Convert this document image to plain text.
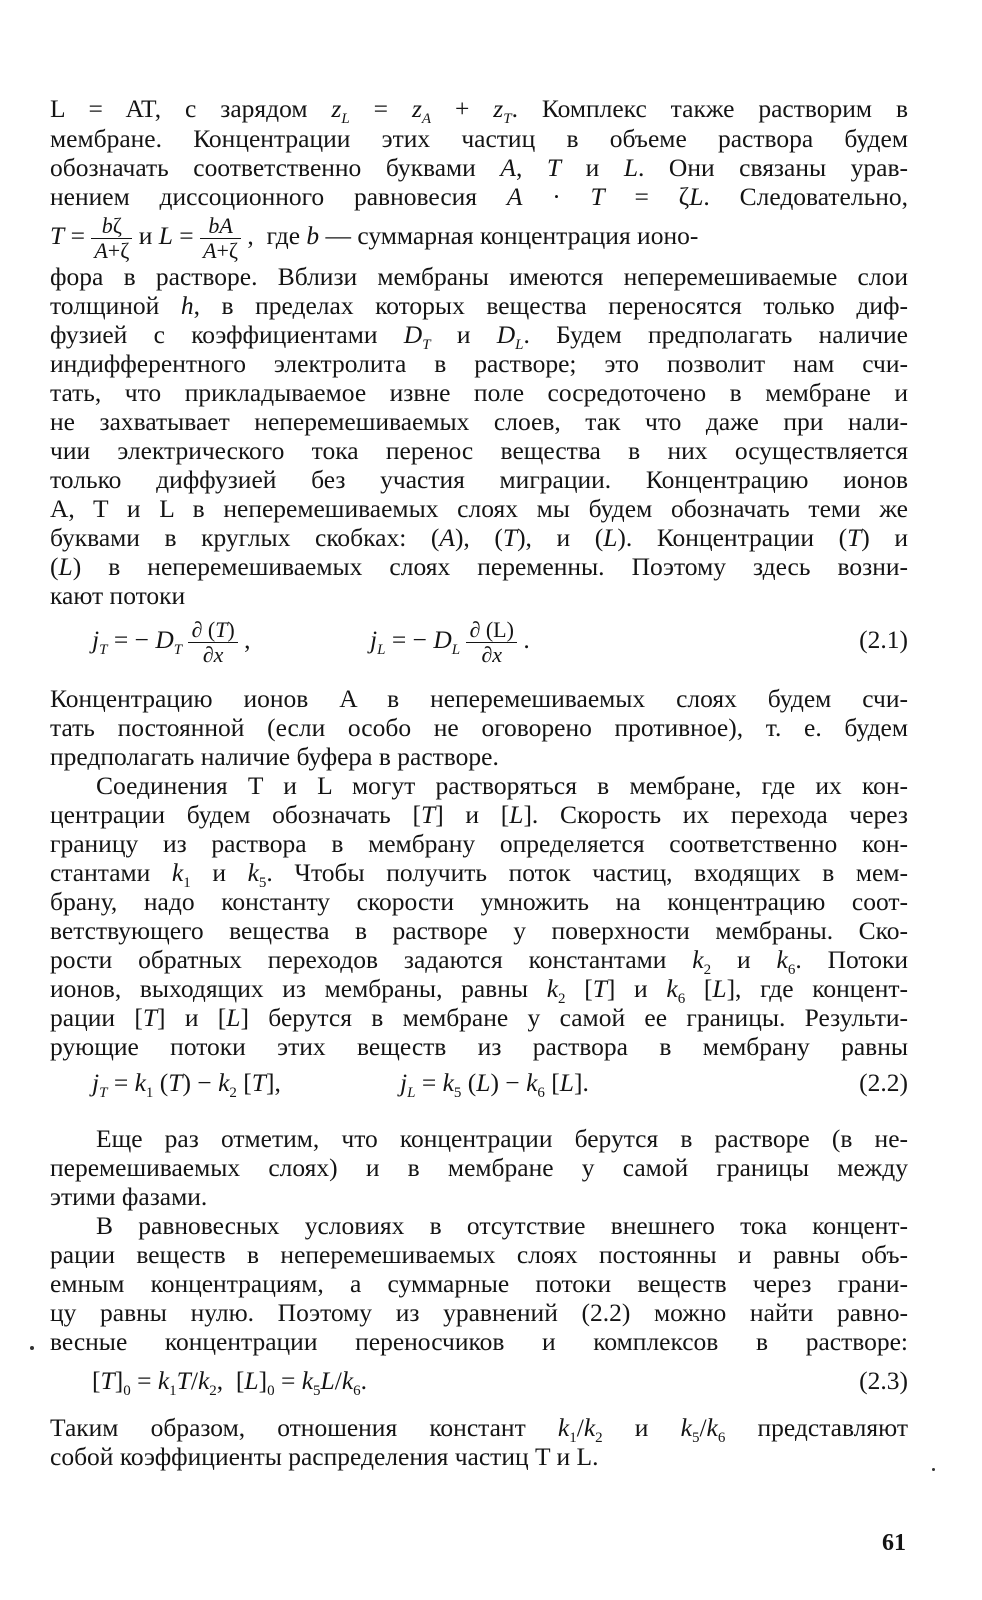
L = AT, с зарядом $z_L = z_A + z_T$. Комплекс также растворим в
мембране. Концентрации этих частиц в объеме раствора будем
обозначать соответственно буквами A, T и L. Они связаны урав-
нением диссоционного равновесия A · T = ζL. Следовательно,
$T = \frac{b\zeta}{A+\zeta}$ и $L = \frac{bA}{A+\zeta}$ ,  где b — суммарная концентрация ионо-
фора в растворе. Вблизи мембраны имеются неперемешиваемые слои
толщиной h, в пределах которых вещества переносятся только диф-
фузией с коэффициентами $D_T$ и $D_L$. Будем предполагать наличие
индифферентного электролита в растворе; это позволит нам счи-
тать, что прикладываемое извне поле сосредоточено в мембране и
не захватывает неперемешиваемых слоев, так что даже при нали-
чии электрического тока перенос вещества в них осуществляется
только диффузией без участия миграции. Концентрацию ионов
A, T и L в неперемешиваемых слоях мы будем обозначать теми же
буквами в круглых скобках: (A), (T), и (L). Концентрации (T) и
(L) в неперемешиваемых слоях переменны. Поэтому здесь возни-
кают потоки
$j_T$ = − $D_T \frac{\partial (T)}{\partial x}$ ,	$j_L$ = − $D_L \frac{\partial (L)}{\partial x}$ .	(2.1)
Концентрацию ионов A в неперемешиваемых слоях будем счи-
тать постоянной (если особо не оговорено противное), т. е. будем
предполагать наличие буфера в растворе.
Соединения T и L могут растворяться в мембране, где их кон-
центрации будем обозначать [T] и [L]. Скорость их перехода через
границу из раствора в мембрану определяется соответственно кон-
стантами $k_1$ и $k_5$. Чтобы получить поток частиц, входящих в мем-
брану, надо константу скорости умножить на концентрацию соот-
ветствующего вещества в растворе у поверхности мембраны. Ско-
рости обратных переходов задаются константами $k_2$ и $k_6$. Потоки
ионов, выходящих из мембраны, равны $k_2$ [T] и $k_6$ [L], где концент-
рации [T] и [L] берутся в мембране у самой ее границы. Результи-
рующие потоки этих веществ из раствора в мембрану равны
$j_T = k_1$ $(T) - k_2$ [T],	$j_L = k_5$ $(L) - k_6$ [L].	(2.2)
Еще раз отметим, что концентрации берутся в растворе (в не-
перемешиваемых слоях) и в мембране у самой границы между
этими фазами.
В равновесных условиях в отсутствие внешнего тока концент-
рации веществ в неперемешиваемых слоях постоянны и равны объ-
емным концентрациям, а суммарные потоки веществ через грани-
цу равны нулю. Поэтому из уравнений (2.2) можно найти равно-
весные концентрации переносчиков и комплексов в растворе:
$[T]_0 = k_1T/k_2$,  $[L]_0 = k_5L/k_6$.	(2.3)
Таким образом, отношения констант $k_1/k_2$ и $k_5/k_6$ представляют
собой коэффициенты распределения частиц T и L.
61
